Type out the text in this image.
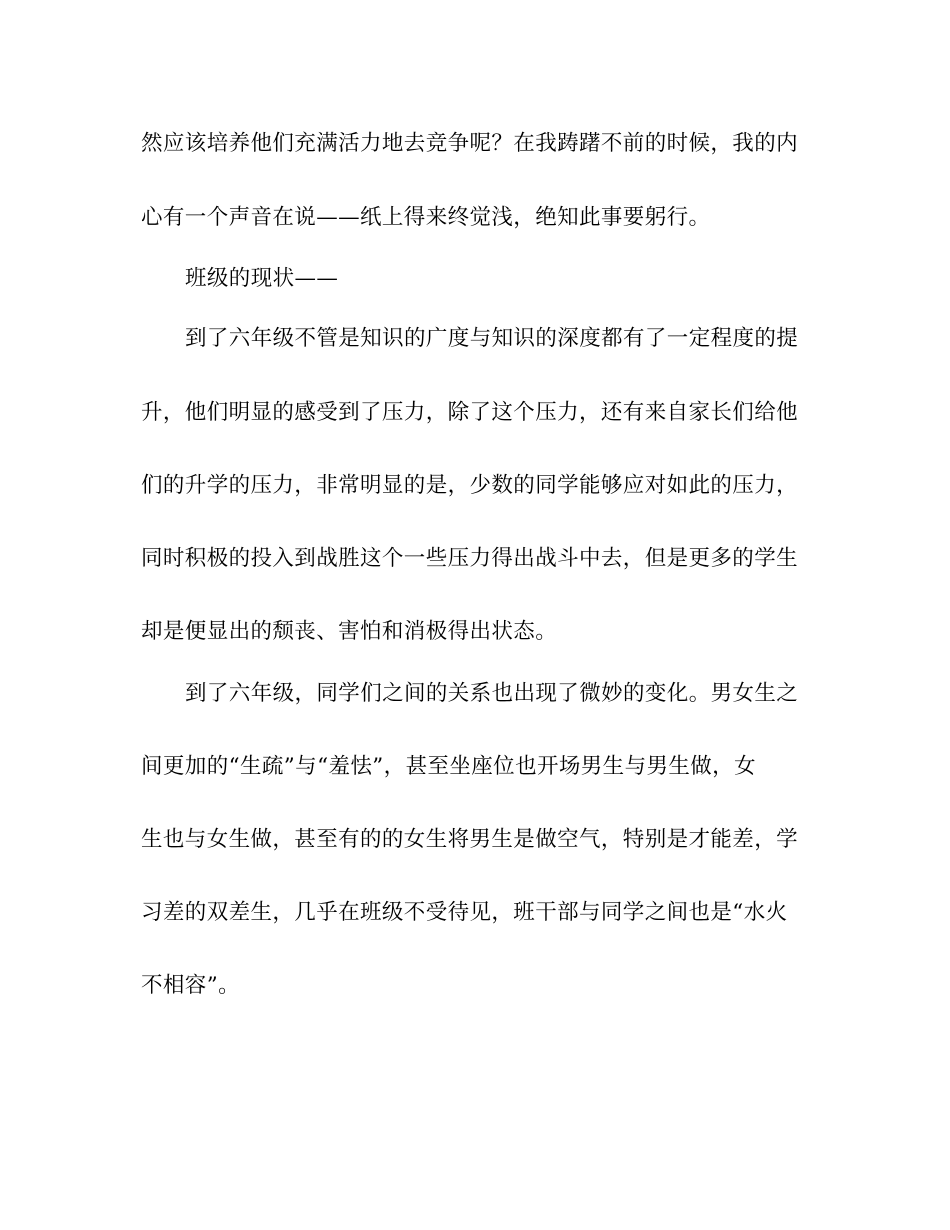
然应该培养他们充满活力地去竞争呢？在我踌躇不前的时候，我的内
心有一个声音在说——纸上得来终觉浅，绝知此事要躬行。
班级的现状——
到了六年级不管是知识的广度与知识的深度都有了一定程度的提
升，他们明显的感受到了压力，除了这个压力，还有来自家长们给他
们的升学的压力，非常明显的是，少数的同学能够应对如此的压力，
同时积极的投入到战胜这个一些压力得出战斗中去，但是更多的学生
却是便显出的颓丧、害怕和消极得出状态。
到了六年级，同学们之间的关系也出现了微妙的变化。男女生之
间更加的“生疏”与“羞怯”，甚至坐座位也开场男生与男生做，女
生也与女生做，甚至有的的女生将男生是做空气，特别是才能差，学
习差的双差生，几乎在班级不受待见，班干部与同学之间也是“水火
不相容”。
